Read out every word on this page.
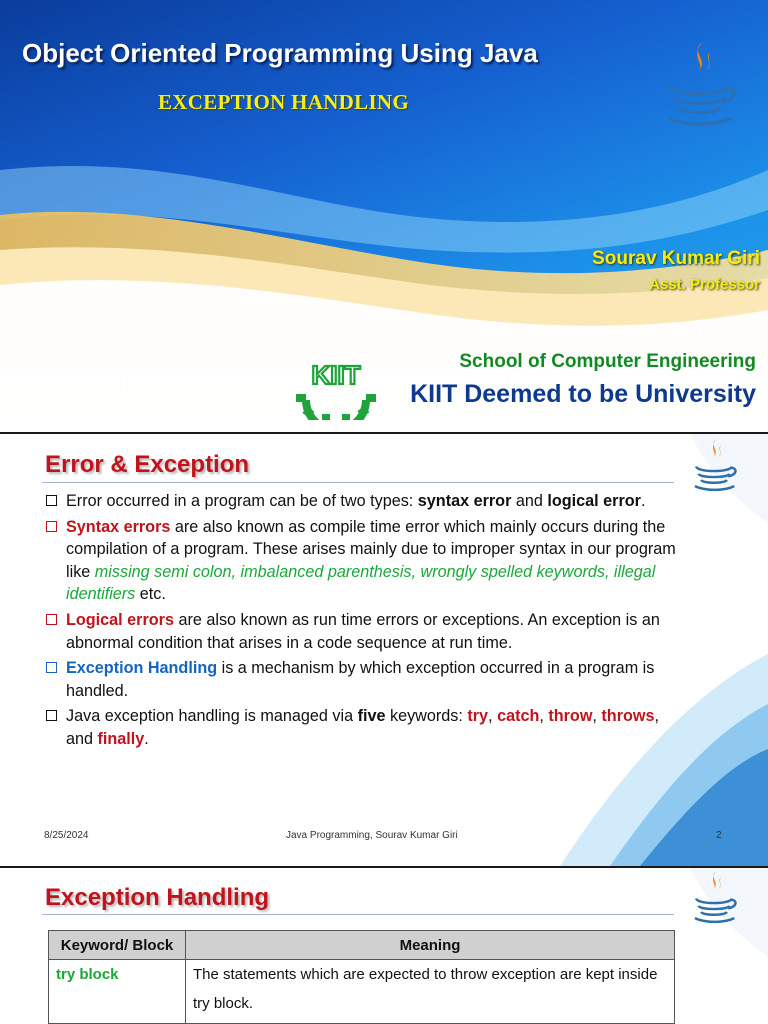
Object Oriented Programming Using Java
EXCEPTION HANDLING
Sourav Kumar Giri
Asst. Professor
KIIT	School of Computer Engineering
KIIT Deemed to be University
Error & Exception
Error occurred in a program can be of two types: syntax error and logical error.
Syntax errors are also known as compile time error which mainly occurs during the compilation of a program. These arises mainly due to improper syntax in our program like missing semi colon, imbalanced parenthesis, wrongly spelled keywords, illegal identifiers etc.
Logical errors are also known as run time errors or exceptions. An exception is an abnormal condition that arises in a code sequence at run time.
Exception Handling is a mechanism by which exception occurred in a program is handled.
Java exception handling is managed via five keywords: try, catch, throw, throws, and finally.
8/25/2024	Java Programming, Sourav Kumar Giri	2
Exception Handling
Keyword/ Block	Meaning
try block	The statements which are expected to throw exception are kept inside try block.
